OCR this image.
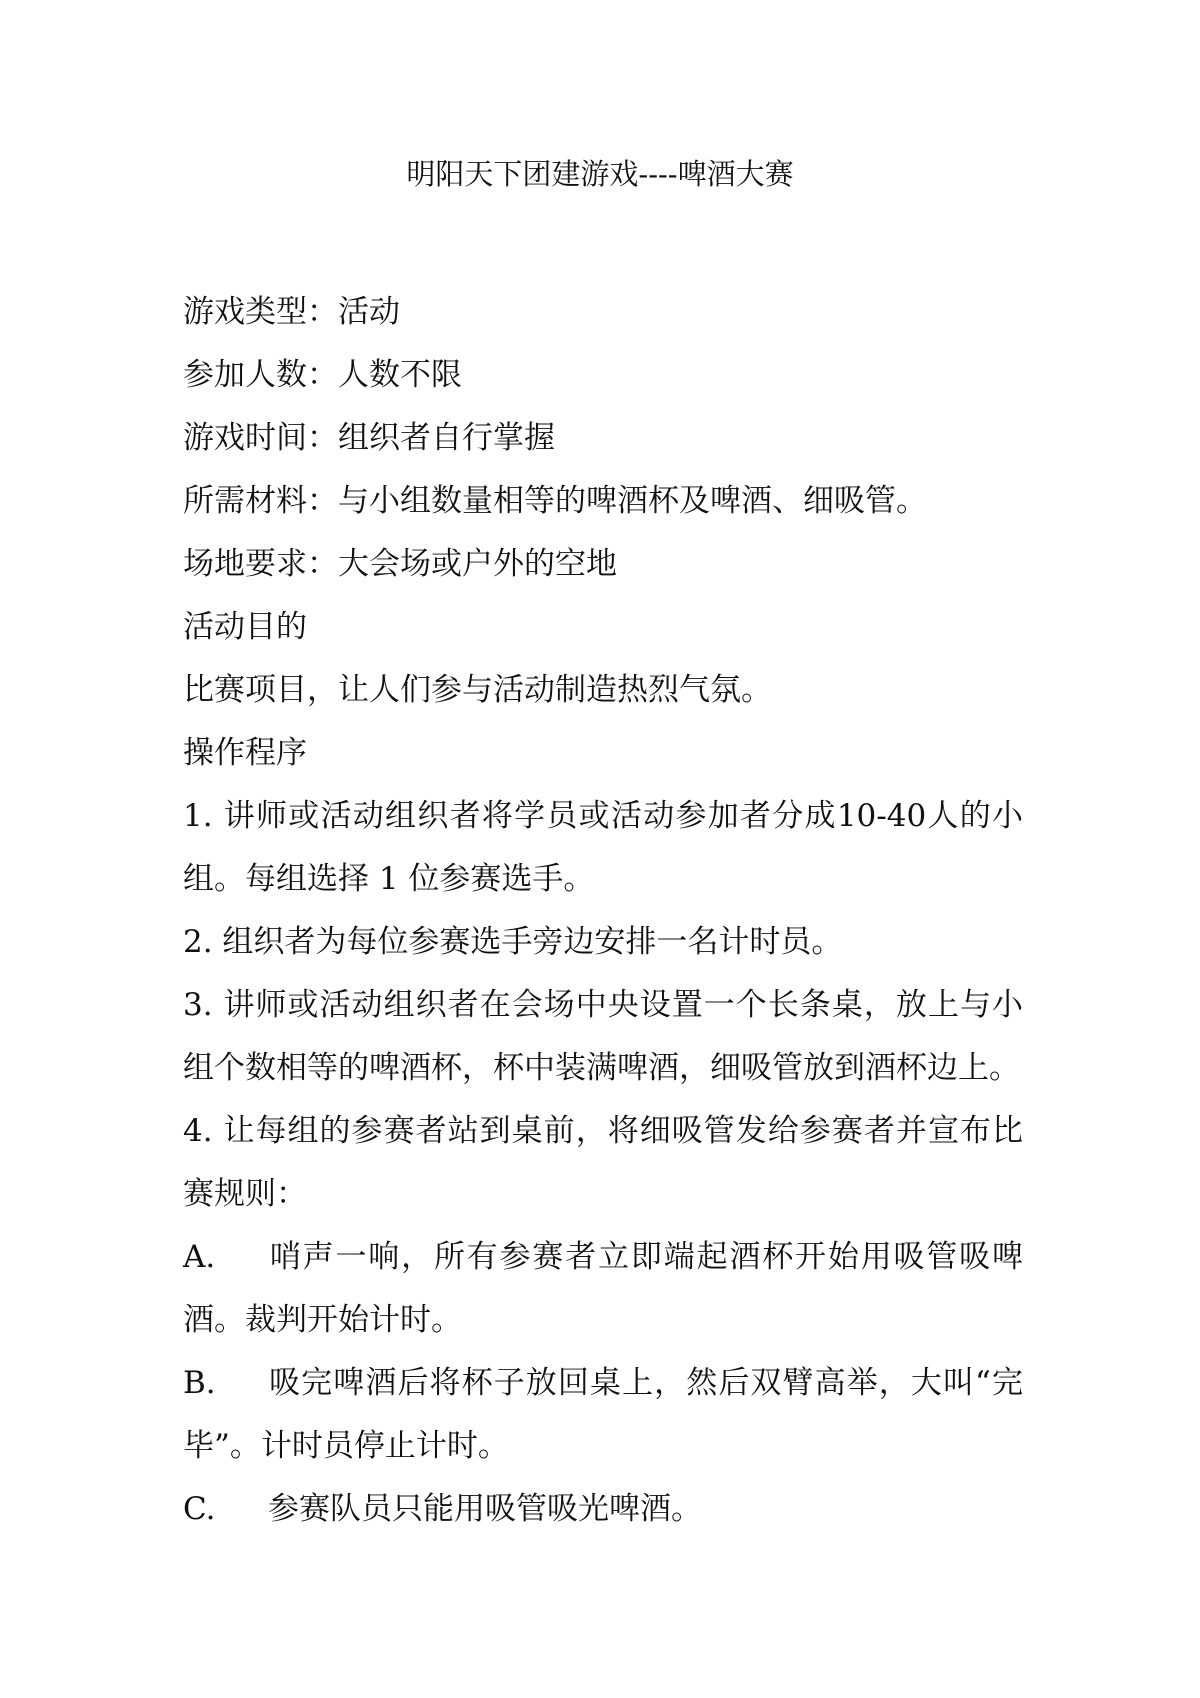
明阳天下团建游戏----啤酒大赛

游戏类型：活动

参加人数：人数不限

游戏时间：组织者自行掌握

所需材料：与小组数量相等的啤酒杯及啤酒、细吸管。

场地要求：大会场或户外的空地

活动目的

比赛项目，让人们参与活动制造热烈气氛。

操作程序

1. 讲师或活动组织者将学员或活动参加者分成10-40人的小组。每组选择 1 位参赛选手。

2. 组织者为每位参赛选手旁边安排一名计时员。

3. 讲师或活动组织者在会场中央设置一个长条桌，放上与小组个数相等的啤酒杯，杯中装满啤酒，细吸管放到酒杯边上。

4. 让每组的参赛者站到桌前，将细吸管发给参赛者并宣布比赛规则：

A. 哨声一响，所有参赛者立即端起酒杯开始用吸管吸啤酒。裁判开始计时。

B. 吸完啤酒后将杯子放回桌上，然后双臂高举，大叫“完毕”。计时员停止计时。

C. 参赛队员只能用吸管吸光啤酒。
